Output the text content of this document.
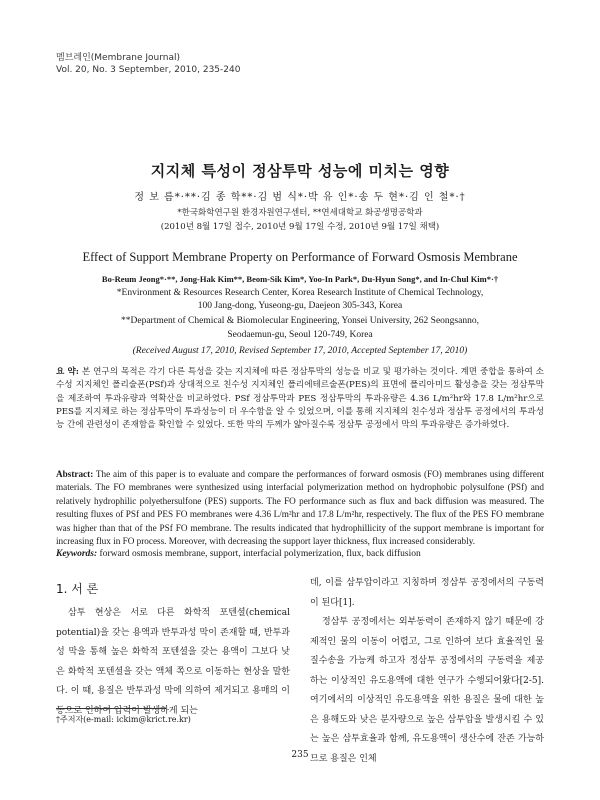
멤브레인(Membrane Journal)
Vol. 20, No. 3 September, 2010, 235-240
지지체 특성이 정삼투막 성능에 미치는 영향
정 보 름*·**·김 종 학**·김 범 식*·박 유 인*·송 두 현*·김 인 철*·†
*한국화학연구원 환경자원연구센터, **연세대학교 화공생명공학과
(2010년 8월 17일 접수, 2010년 9월 17일 수정, 2010년 9월 17일 채택)
Effect of Support Membrane Property on Performance of Forward Osmosis Membrane
Bo-Reum Jeong*·**, Jong-Hak Kim**, Beom-Sik Kim*, Yoo-In Park*, Du-Hyun Song*, and In-Chul Kim*·†
*Environment & Resources Research Center, Korea Research Institute of Chemical Technology,
100 Jang-dong, Yuseong-gu, Daejeon 305-343, Korea
**Department of Chemical & Biomolecular Engineering, Yonsei University, 262 Seongsanno,
Seodaemun-gu, Seoul 120-749, Korea
(Received August 17, 2010, Revised September 17, 2010, Accepted September 17, 2010)
요 약: 본 연구의 목적은 각기 다른 특성을 갖는 지지체에 따른 정삼투막의 성능을 비교 및 평가하는 것이다. 계면 중합을 통하여 소수성 지지체인 폴리술폰(PSf)과 상대적으로 친수성 지지체인 폴리에테르술폰(PES)의 표면에 폴리아미드 활성층을 갖는 정삼투막을 제조하여 투과유량과 역확산을 비교하였다. PSf 정삼투막과 PES 정삼투막의 투과유량은 4.36 L/m²hr와 17.8 L/m²hr으로 PES를 지지체로 하는 정삼투막이 투과성능이 더 우수함을 알 수 있었으며, 이를 통해 지지체의 친수성과 정삼투 공정에서의 투과성능 간에 관련성이 존재함을 확인할 수 있었다. 또한 막의 두께가 얇아질수록 정삼투 공정에서 막의 투과유량은 증가하였다.
Abstract: The aim of this paper is to evaluate and compare the performances of forward osmosis (FO) membranes using different materials. The FO membranes were synthesized using interfacial polymerization method on hydrophobic polysulfone (PSf) and relatively hydrophilic polyethersulfone (PES) supports. The FO performance such as flux and back diffusion was measured. The resulting fluxes of PSf and PES FO membranes were 4.36 L/m²hr and 17.8 L/m²hr, respectively. The flux of the PES FO membrane was higher than that of the PSf FO membrane. The results indicated that hydrophillicity of the support membrane is important for increasing flux in FO process. Moreover, with decreasing the support layer thickness, flux increased considerably.
Keywords: forward osmosis membrane, support, interfacial polymerization, flux, back diffusion
1. 서 론
삼투 현상은 서로 다른 화학적 포텐셜(chemical potential)을 갖는 용액과 반투과성 막이 존재할 때, 반투과성 막을 통해 높은 화학적 포텐셜을 갖는 용액이 그보다 낮은 화학적 포텐셜을 갖는 액체 쪽으로 이동하는 현상을 말한다. 이 때, 용질은 반투과성 막에 의하여 제거되고 용매의 이동으로 인하여 압력이 발생하게 되는
데, 이를 삼투압이라고 지칭하며 정삼투 공정에서의 구동력이 된다[1].
정삼투 공정에서는 외부동력이 존재하지 않기 때문에 강제적인 물의 이동이 어렵고, 그로 인하여 보다 효율적인 물질수송을 가능케 하고자 정삼투 공정에서의 구동력을 제공하는 이상적인 유도용액에 대한 연구가 수행되어왔다[2-5]. 여기에서의 이상적인 유도용액을 위한 용질은 물에 대한 높은 용해도와 낮은 분자량으로 높은 삼투압을 발생시킬 수 있는 높은 삼투효율과 함께, 유도용액이 생산수에 잔존 가능하므로 용질은 인체
†주저자(e-mail: ickim@krict.re.kr)
235
